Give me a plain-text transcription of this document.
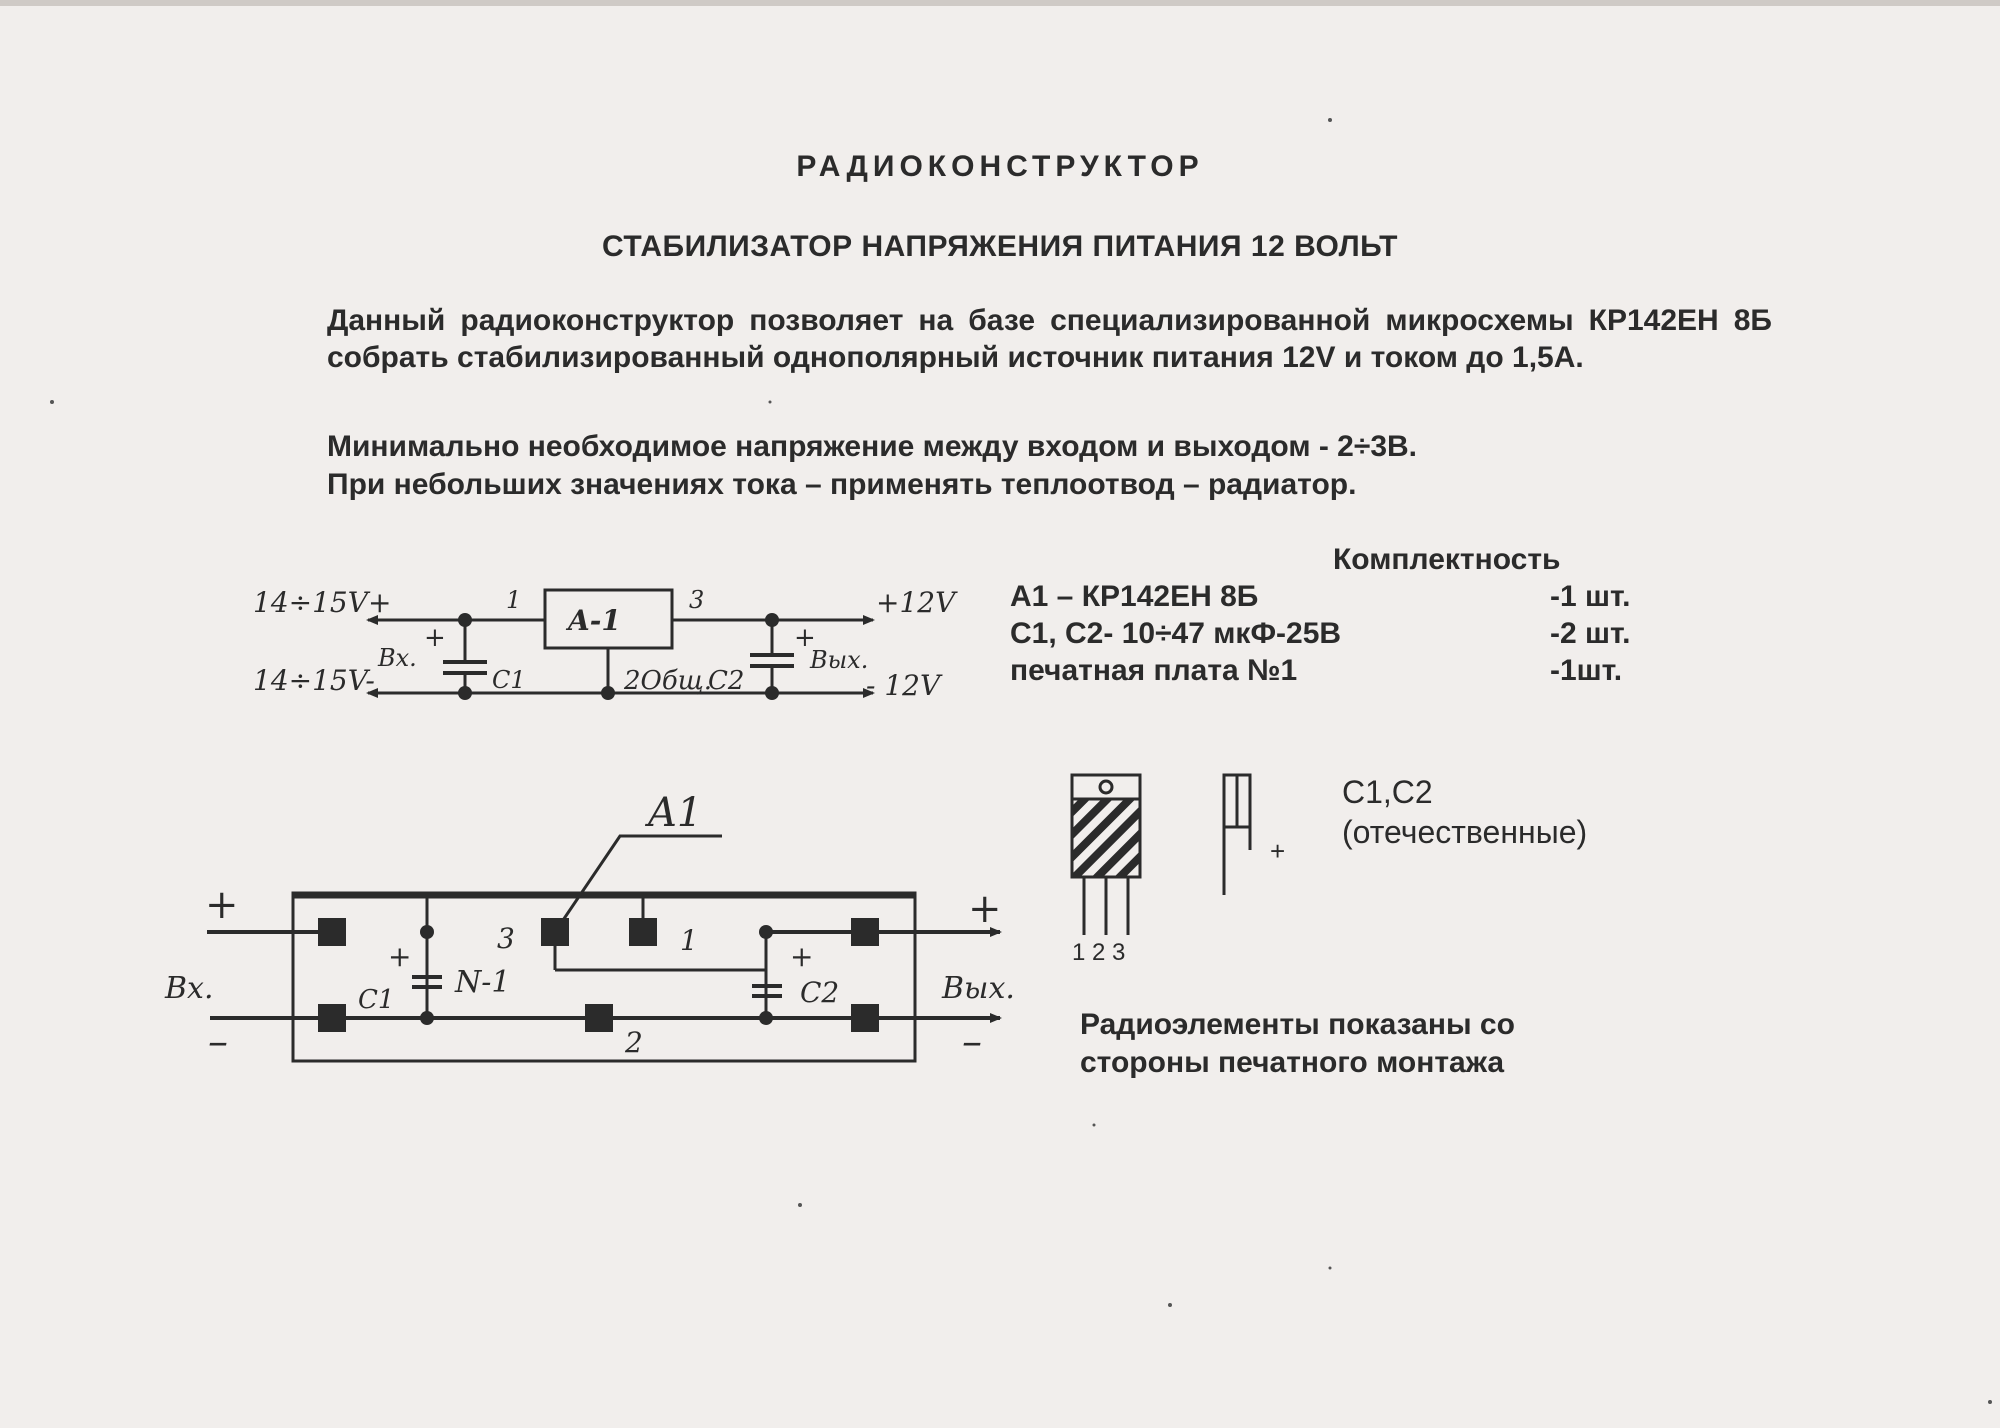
РАДИОКОНСТРУКТОР
СТАБИЛИЗАТОР НАПРЯЖЕНИЯ ПИТАНИЯ 12 ВОЛЬТ
Данный радиоконструктор позволяет на базе специализированной микросхемы КР142ЕН 8Б собрать стабилизированный однополярный источник питания 12V и током до 1,5А.
Минимально необходимое напряжение между входом и выходом - 2÷3В.
При небольших значениях тока – применять теплоотвод – радиатор.
Комплектность
А1 – КР142ЕН 8Б	-1 шт.
С1, С2- 10÷47 мкФ-25В	-2 шт.
печатная плата №1	-1шт.
С1,С2
(отечественные)
Радиоэлементы показаны со
стороны печатного монтажа
14÷15V+
14÷15V-
Вх.
+
С1
1	3
A-1
2Общ.
С2
+
Вых.
+12V
- 12V
A1
+
–
Вх.
+
С1
3	1
N-1
2
+
С2
+
–
Вых.
1 2 3
+
